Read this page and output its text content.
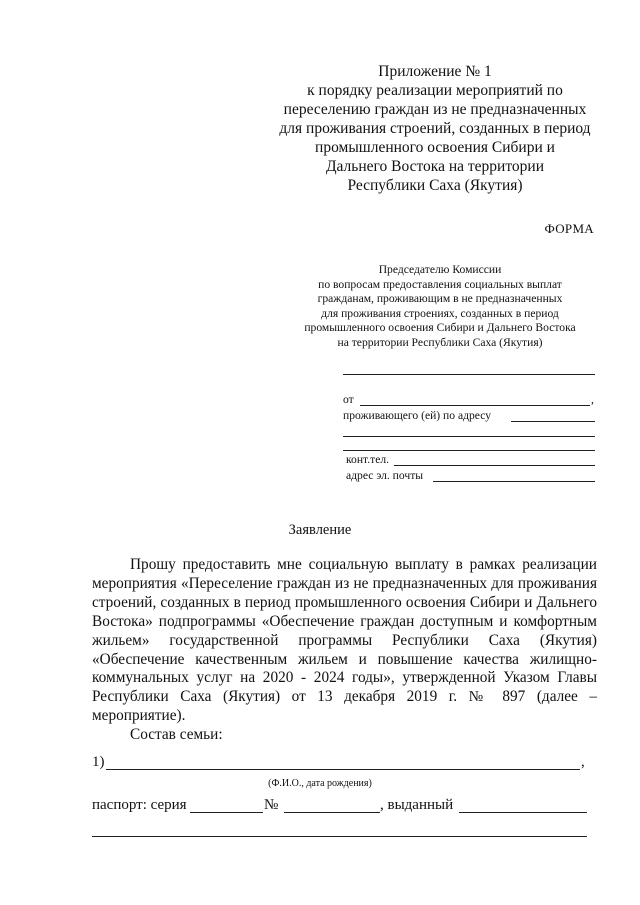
Приложение № 1
к порядку реализации мероприятий по
переселению граждан из не предназначенных
для проживания строений, созданных в период
промышленного освоения Сибири и
Дальнего Востока на территории
Республики Саха (Якутия)
ФОРМА
Председателю Комиссии
по вопросам предоставления социальных выплат
гражданам, проживающим в не предназначенных
для проживания строениях, созданных в период
промышленного освоения Сибири и Дальнего Востока
на территории Республики Саха (Якутия)
от	,
проживающего (ей) по адресу
конт.тел.
адрес эл. почты
Заявление

Прошу предоставить мне социальную выплату в рамках реализации мероприятия «Переселение граждан из не предназначенных для проживания строений, созданных в период промышленного освоения Сибири и Дальнего Востока» подпрограммы «Обеспечение граждан доступным и комфортным жильем» государственной программы Республики Саха (Якутия) «Обеспечение качественным жильем и повышение качества жилищно-коммунальных услуг на 2020 - 2024 годы», утвержденной Указом Главы Республики Саха (Якутия) от 13 декабря 2019 г. № 897 (далее – мероприятие).

Состав семьи:

1)	,
(Ф.И.О., дата рождения)
паспорт: серия	№	, выданный
